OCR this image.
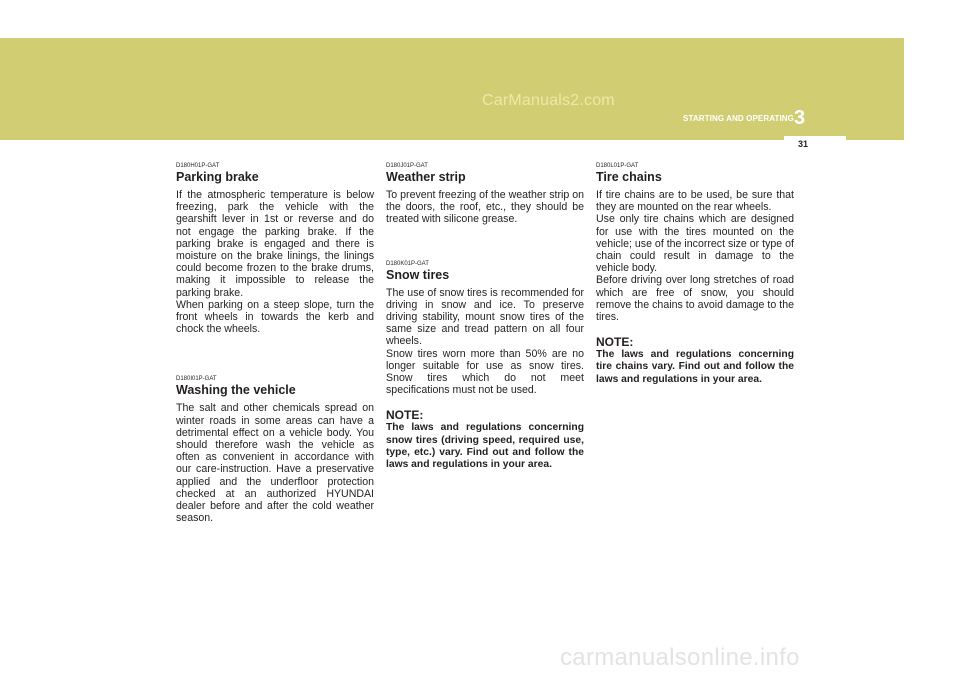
CarManuals2.com
STARTING AND OPERATING 3
31

D180H01P-GAT

Parking brake

If the atmospheric temperature is below freezing, park the vehicle with the gearshift lever in 1st or reverse and do not engage the parking brake. If the parking brake is engaged and there is moisture on the brake linings, the linings could become frozen to the brake drums, making it impossible to release the parking brake.
When parking on a steep slope, turn the front wheels in towards the kerb and chock the wheels.

D180I01P-GAT

Washing the vehicle

The salt and other chemicals spread on winter roads in some areas can have a detrimental effect on a vehicle body. You should therefore wash the vehicle as often as convenient in accordance with our care-instruction. Have a preservative applied and the underfloor protection checked at an authorized HYUNDAI dealer before and after the cold weather season.

D180J01P-GAT

Weather strip

To prevent freezing of the weather strip on the doors, the roof, etc., they should be treated with silicone grease.

D180K01P-GAT

Snow tires

The use of snow tires is recommended for driving in snow and ice. To preserve driving stability, mount snow tires of the same size and tread pattern on all four wheels.
Snow tires worn more than 50% are no longer suitable for use as snow tires. Snow tires which do not meet specifications must not be used.

NOTE:

The laws and regulations concerning snow tires (driving speed, required use, type, etc.) vary. Find out and follow the laws and regulations in your area.

D180L01P-GAT

Tire chains

If tire chains are to be used, be sure that they are mounted on the rear wheels.
Use only tire chains which are designed for use with the tires mounted on the vehicle; use of the incorrect size or type of chain could result in damage to the vehicle body.
Before driving over long stretches of road which are free of snow, you should remove the chains to avoid damage to the tires.

NOTE:

The laws and regulations concerning tire chains vary. Find out and follow the laws and regulations in your area.

carmanualsonline.info
